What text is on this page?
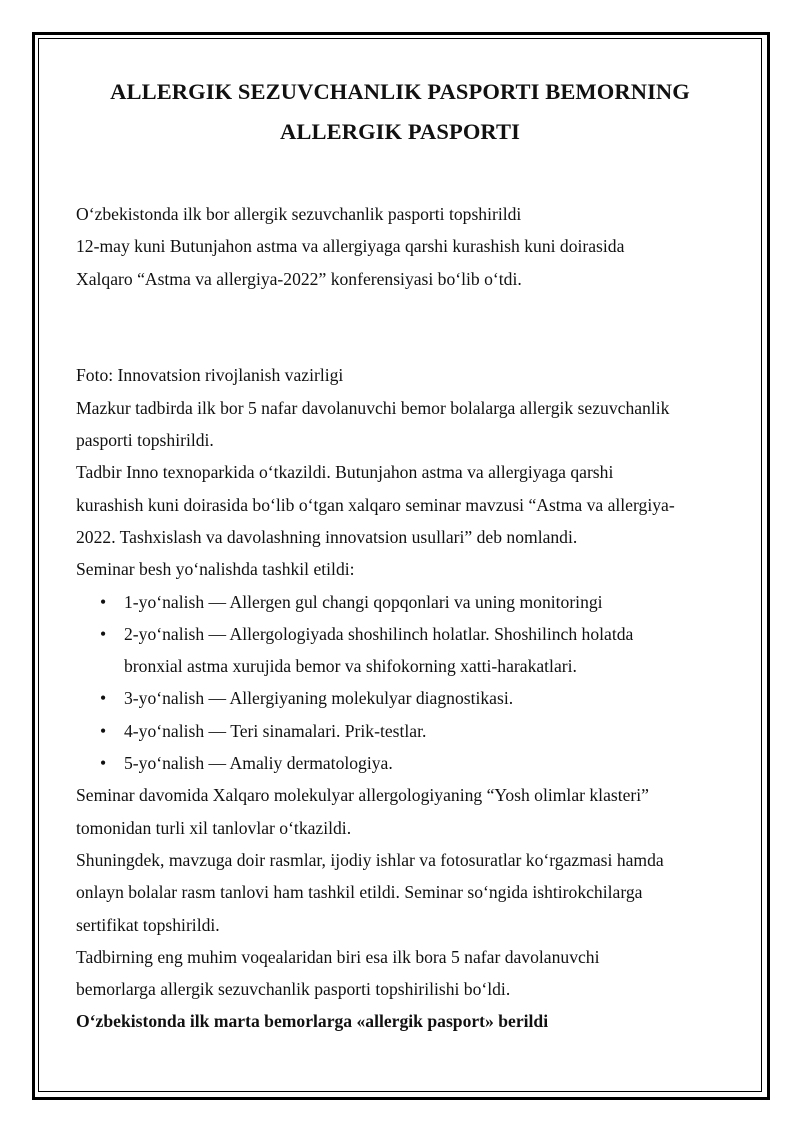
ALLERGIK SEZUVCHANLIK PASPORTI BEMORNING
ALLERGIK PASPORTI

O‘zbekistonda ilk bor allergik sezuvchanlik pasporti topshirildi

12-may kuni Butunjahon astma va allergiyaga qarshi kurashish kuni doirasida

Xalqaro “Astma va allergiya-2022” konferensiyasi bo‘lib o‘tdi.

Foto: Innovatsion rivojlanish vazirligi

Mazkur tadbirda ilk bor 5 nafar davolanuvchi bemor bolalarga allergik sezuvchanlik

pasporti topshirildi.

Tadbir Inno texnoparkida o‘tkazildi. Butunjahon astma va allergiyaga qarshi

kurashish kuni doirasida bo‘lib o‘tgan xalqaro seminar mavzusi “Astma va allergiya-

2022. Tashxislash va davolashning innovatsion usullari” deb nomlandi.

Seminar besh yo‘nalishda tashkil etildi:

• 1-yo‘nalish — Allergen gul changi qopqonlari va uning monitoringi
• 2-yo‘nalish — Allergologiyada shoshilinch holatlar. Shoshilinch holatda
bronxial astma xurujida bemor va shifokorning xatti-harakatlari.
• 3-yo‘nalish — Allergiyaning molekulyar diagnostikasi.
• 4-yo‘nalish — Teri sinamalari. Prik-testlar.
• 5-yo‘nalish — Amaliy dermatologiya.

Seminar davomida Xalqaro molekulyar allergologiyaning “Yosh olimlar klasteri”

tomonidan turli xil tanlovlar o‘tkazildi.

Shuningdek, mavzuga doir rasmlar, ijodiy ishlar va fotosuratlar ko‘rgazmasi hamda

onlayn bolalar rasm tanlovi ham tashkil etildi. Seminar so‘ngida ishtirokchilarga

sertifikat topshirildi.

Tadbirning eng muhim voqealaridan biri esa ilk bora 5 nafar davolanuvchi

bemorlarga allergik sezuvchanlik pasporti topshirilishi bo‘ldi.

O‘zbekistonda ilk marta bemorlarga «allergik pasport» berildi
